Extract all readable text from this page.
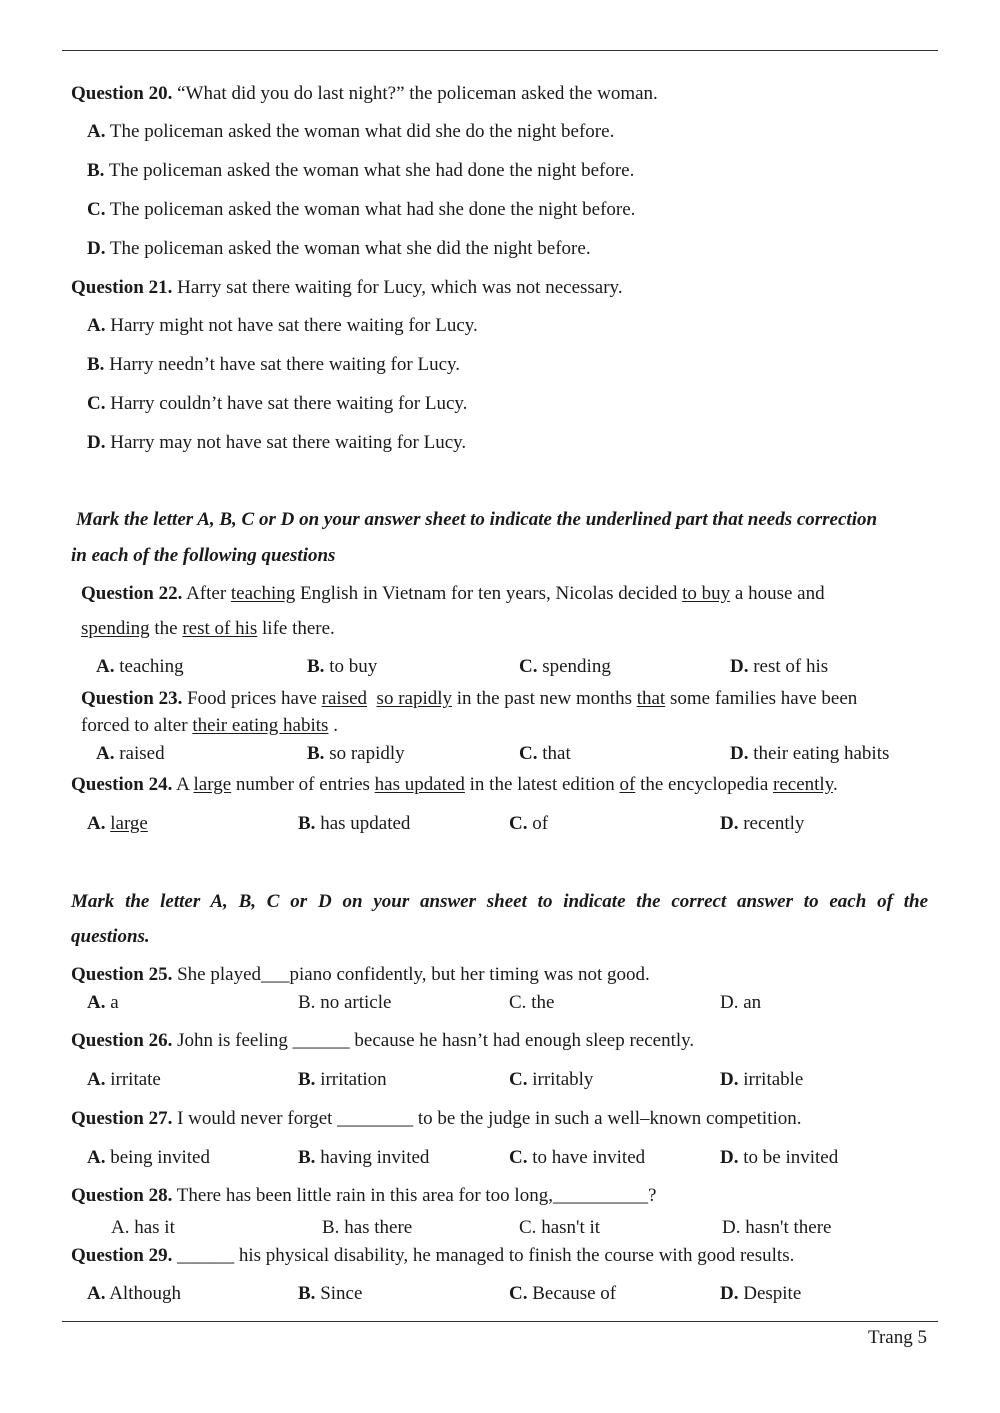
Question 20. “What did you do last night?” the policeman asked the woman.
A. The policeman asked the woman what did she do the night before.
B. The policeman asked the woman what she had done the night before.
C. The policeman asked the woman what had she done the night before.
D. The policeman asked the woman what she did the night before.
Question 21. Harry sat there waiting for Lucy, which was not necessary.
A. Harry might not have sat there waiting for Lucy.
B. Harry needn’t have sat there waiting for Lucy.
C. Harry couldn’t have sat there waiting for Lucy.
D. Harry may not have sat there waiting for Lucy.
Mark the letter A, B, C or D on your answer sheet to indicate the underlined part that needs correction
in each of the following questions
Question 22. After teaching English in Vietnam for ten years, Nicolas decided to buy a house and
spending the rest of his life there.
A. teaching	B. to buy	C. spending	D. rest of his
Question 23. Food prices have raised so rapidly in the past new months that some families have been
forced to alter their eating habits .
A. raised	B. so rapidly	C. that	D. their eating habits
Question 24. A large number of entries has updated in the latest edition of the encyclopedia recently.
A. large	B. has updated	C. of	D. recently
Mark the letter A, B, C or D on your answer sheet to indicate the correct answer to each of the
questions.
Question 25. She played___piano confidently, but her timing was not good.
A. a	B. no article	C. the	D. an
Question 26. John is feeling ______ because he hasn’t had enough sleep recently.
A. irritate	B. irritation	C. irritably	D. irritable
Question 27. I would never forget ________ to be the judge in such a well–known competition.
A. being invited	B. having invited	C. to have invited	D. to be invited
Question 28. There has been little rain in this area for too long,__________?
A. has it	B. has there	C. hasn't it	D. hasn't there
Question 29. ______ his physical disability, he managed to finish the course with good results.
A. Although	B. Since	C. Because of	D. Despite
Trang 5
